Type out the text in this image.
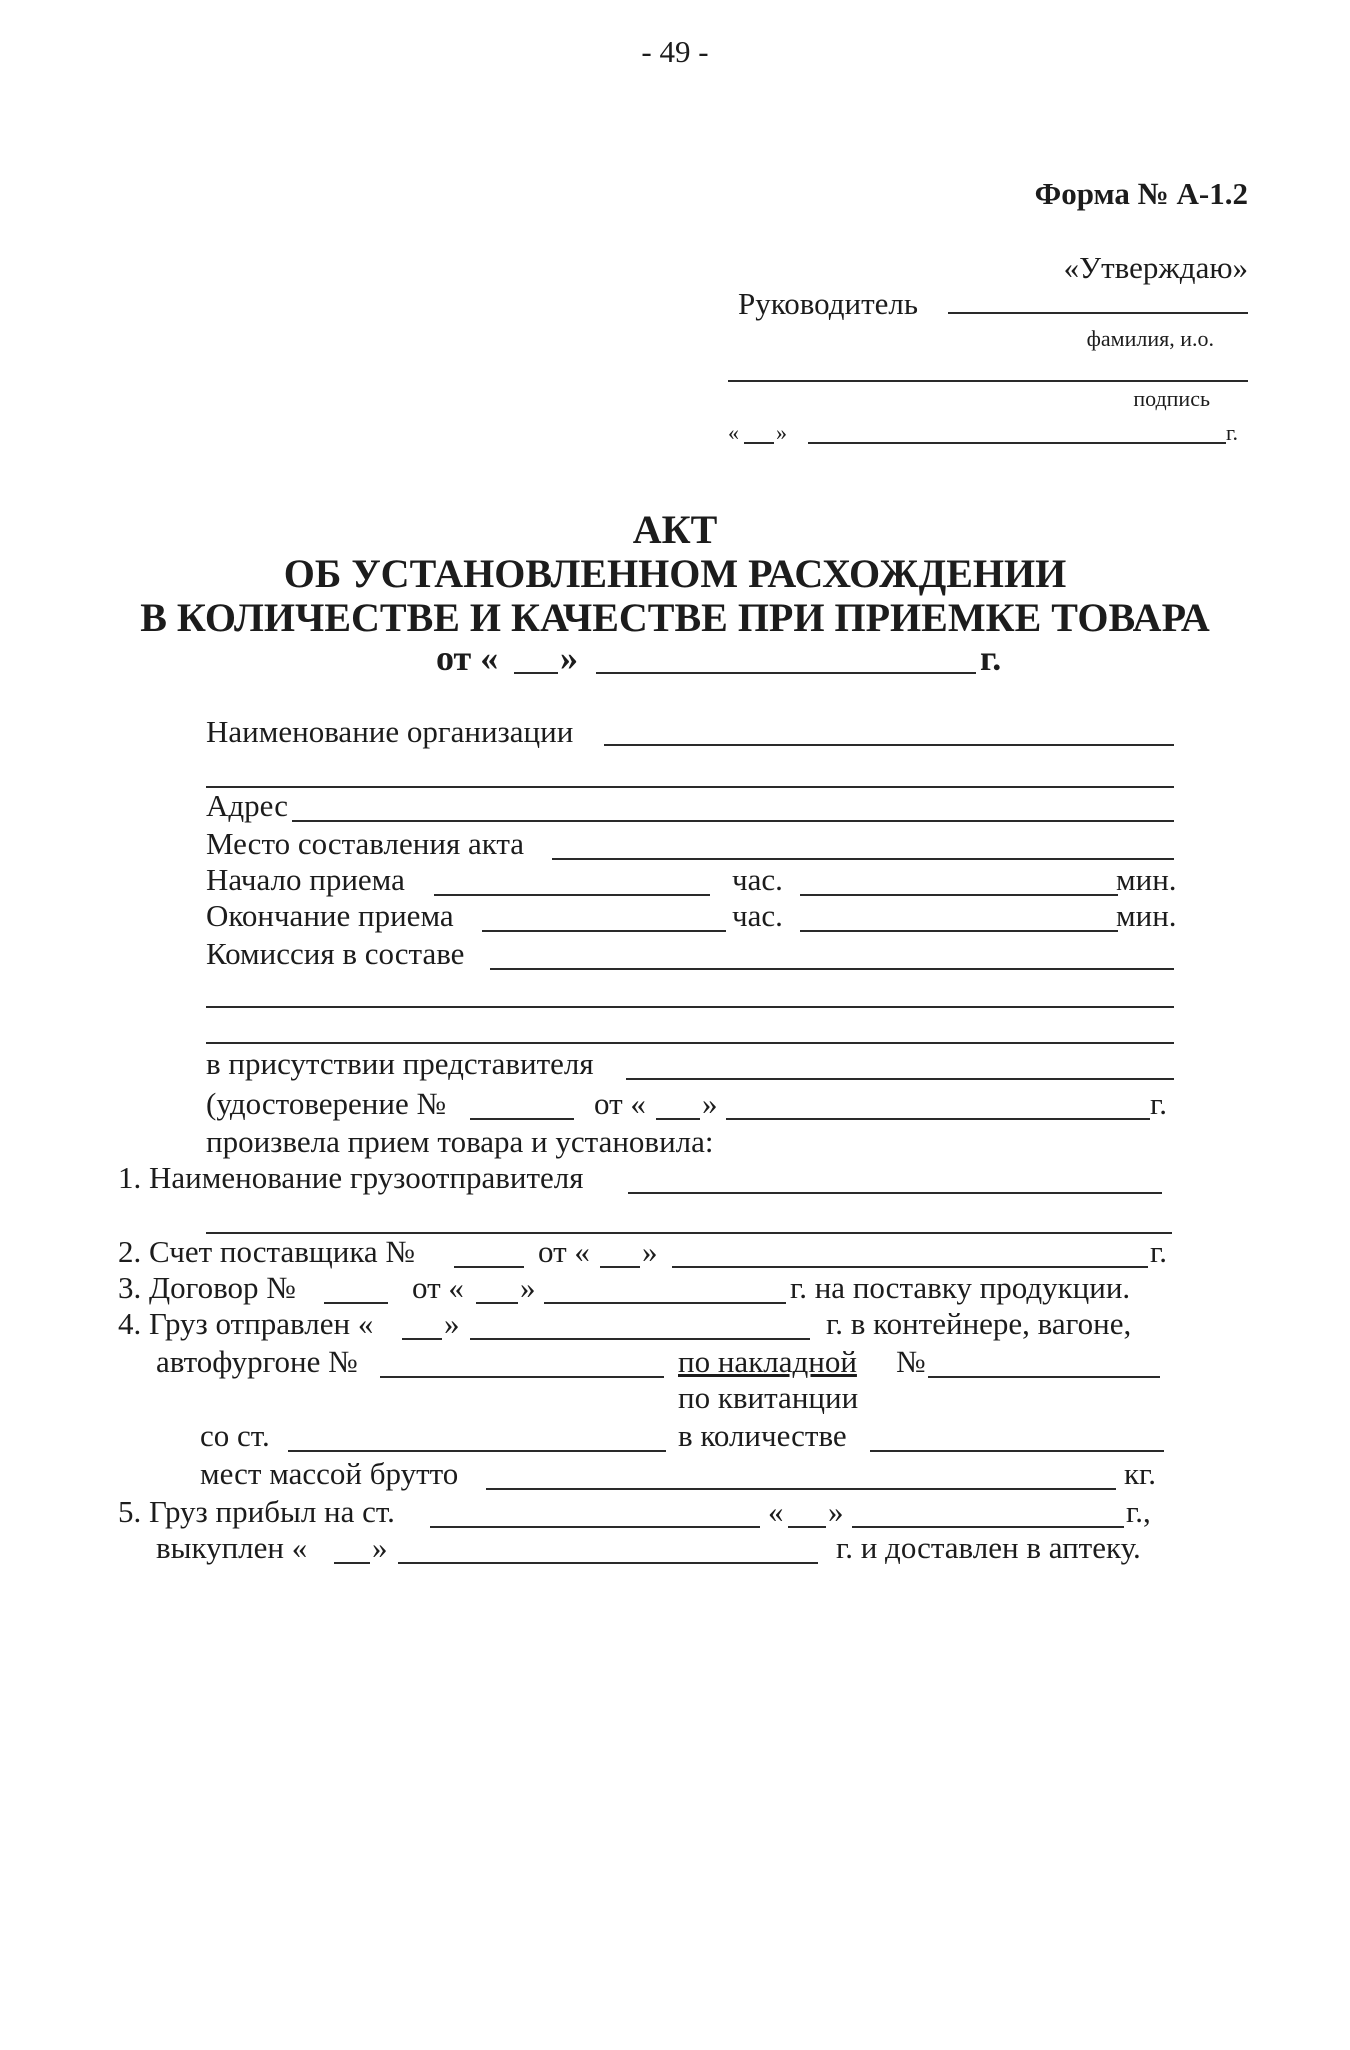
- 49 -
Форма № А-1.2
«Утверждаю»
Руководитель
фамилия, и.о.
подпись
« »	г.
АКТ
ОБ УСТАНОВЛЕННОМ РАСХОЖДЕНИИ
В КОЛИЧЕСТВЕ И КАЧЕСТВЕ ПРИ ПРИЕМКЕ ТОВАРА
от « »	г.
Наименование организации
Адрес
Место составления акта
Начало приема	час.	мин.
Окончание приема	час.	мин.
Комиссия в составе
в присутствии представителя
(удостоверение №	от « »	г.
произвела прием товара и установила:
1. Наименование грузоотправителя
2. Счет поставщика №	от « »	г.
3. Договор №	от « »	г. на поставку продукции.
4. Груз отправлен « »	г. в контейнере, вагоне,
автофургоне №	по накладной №
по квитанции
со ст.	в количестве
мест массой брутто	кг.
5. Груз прибыл на ст.	« »	г.,
выкуплен « »	г. и доставлен в аптеку.
